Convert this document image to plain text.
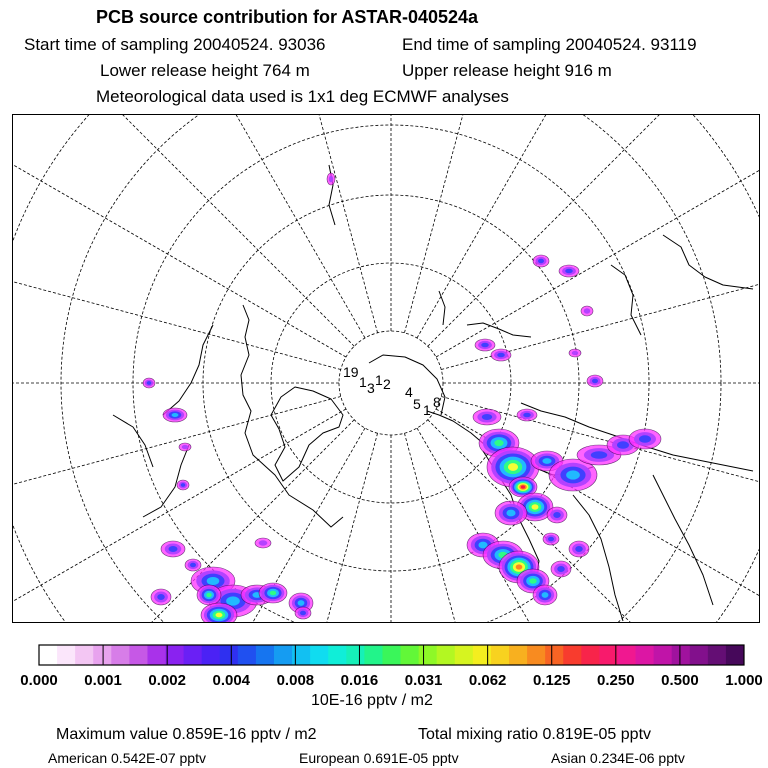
PCB source contribution for ASTAR-040524a
Start time of sampling 20040524. 93036	End time of sampling 20040524. 93119
Lower release height 764 m	Upper release height 916 m
Meteorological data used is 1x1 deg ECMWF analyses
19
1 3 1 2 4
5 1 8
0.000 0.001 0.002 0.004 0.008 0.016 0.031 0.062 0.125 0.250 0.500 1.000
10E-16 pptv / m2
Maximum value 0.859E-16 pptv / m2	Total mixing ratio 0.819E-05 pptv
American 0.542E-07 pptv	European 0.691E-05 pptv	Asian 0.234E-06 pptv
